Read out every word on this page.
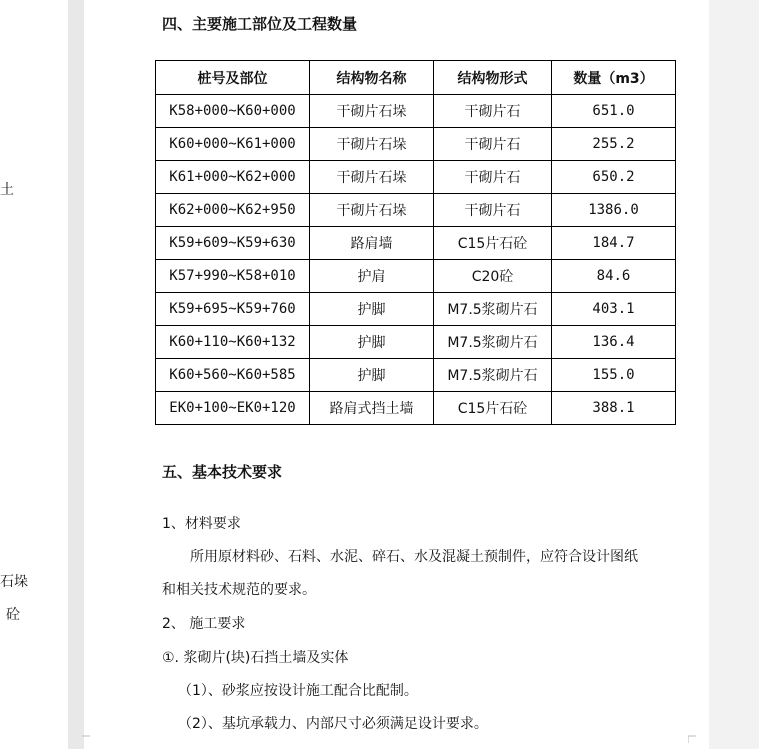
土
石垛
砼
四、主要施工部位及工程数量
桩号及部位	结构物名称	结构物形式	数量（m3）
K58+000~K60+000	干砌片石垛	干砌片石	651.0
K60+000~K61+000	干砌片石垛	干砌片石	255.2
K61+000~K62+000	干砌片石垛	干砌片石	650.2
K62+000~K62+950	干砌片石垛	干砌片石	1386.0
K59+609~K59+630	路肩墙	C15片石砼	184.7
K57+990~K58+010	护肩	C20砼	84.6
K59+695~K59+760	护脚	M7.5浆砌片石	403.1
K60+110~K60+132	护脚	M7.5浆砌片石	136.4
K60+560~K60+585	护脚	M7.5浆砌片石	155.0
EK0+100~EK0+120	路肩式挡土墙	C15片石砼	388.1
五、基本技术要求
1、材料要求
所用原材料砂、石料、水泥、碎石、水及混凝土预制件，应符合设计图纸
和相关技术规范的要求。
2、 施工要求
①. 浆砌片(块)石挡土墙及实体
（1）、砂浆应按设计施工配合比配制。
（2）、基坑承载力、内部尺寸必须满足设计要求。
